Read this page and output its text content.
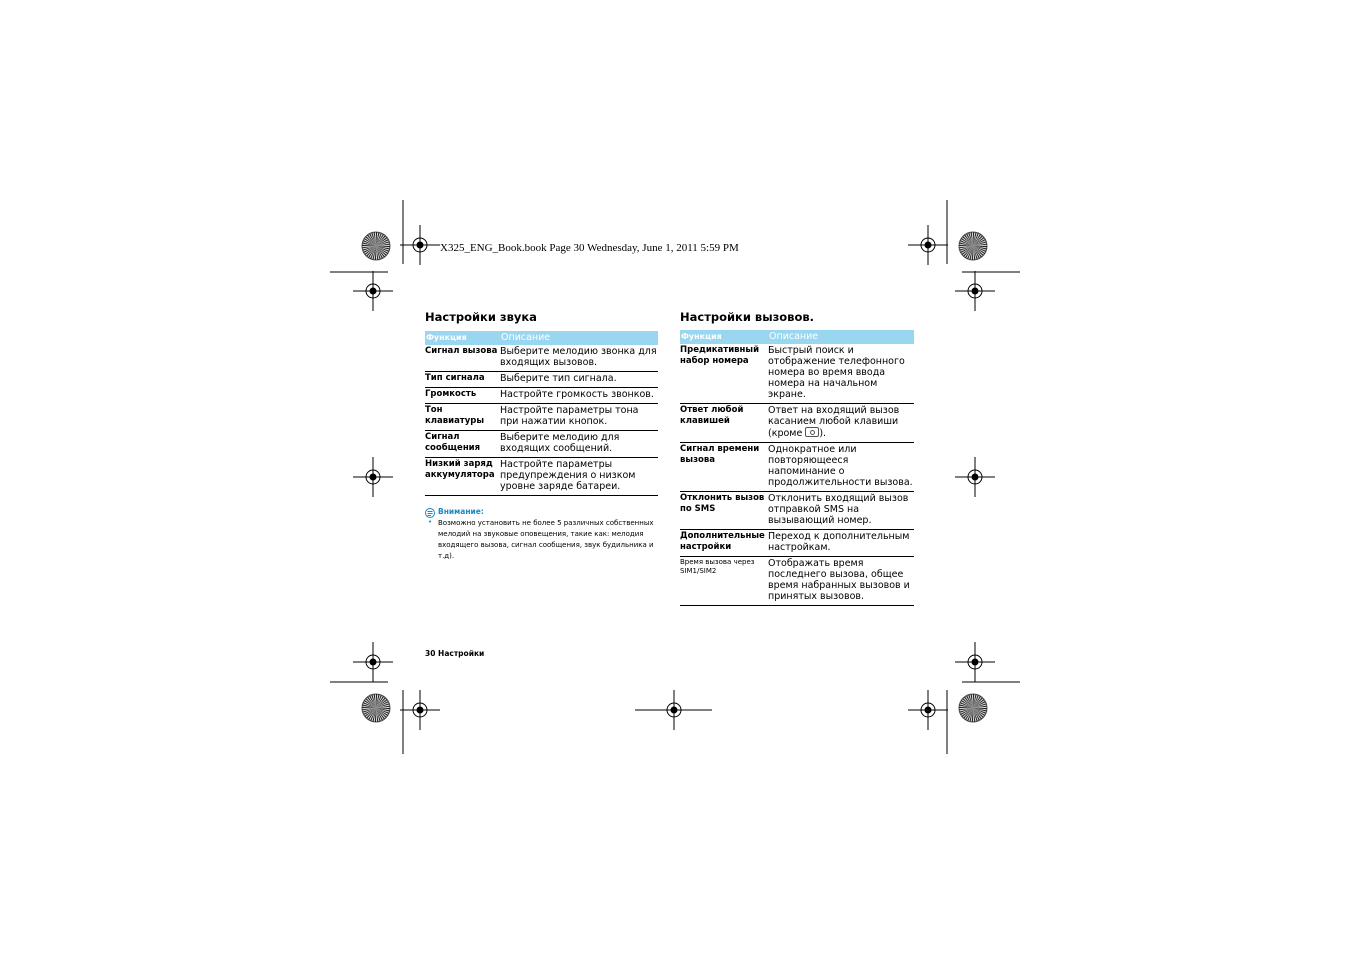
X325_ENG_Book.book Page 30 Wednesday, June 1, 2011 5:59 PM
Настройки звука
Функция	Описание
Сигнал вызова	Выберите мелодию звонка для входящих вызовов.
Тип сигнала	Выберите тип сигнала.
Громкость	Настройте громкость звонков.
Тон клавиатуры	Настройте параметры тона при нажатии кнопок.
Сигнал сообщения	Выберите мелодию для входящих сообщений.
Низкий заряд аккумулятора	Настройте параметры предупреждения о низком уровне заряде батареи.
Внимание:
• Возможно установить не более 5 различных собственных мелодий на звуковые оповещения, такие как: мелодия входящего вызова, сигнал сообщения, звук будильника и т.д).
Настройки вызовов.
Функция	Описание
Предикативный набор номера	Быстрый поиск и отображение телефонного номера во время ввода номера на начальном экране.
Ответ любой клавишей	Ответ на входящий вызов касанием любой клавиши (кроме ).
Сигнал времени вызова	Однократное или повторяющееся напоминание о продолжительности вызова.
Отклонить вызов по SMS	Отклонить входящий вызов отправкой SMS на вызывающий номер.
Дополнительные настройки	Переход к дополнительным настройкам.
Время вызова через SIM1/SIM2	Отображать время последнего вызова, общее время набранных вызовов и принятых вызовов.
30 Настройки
